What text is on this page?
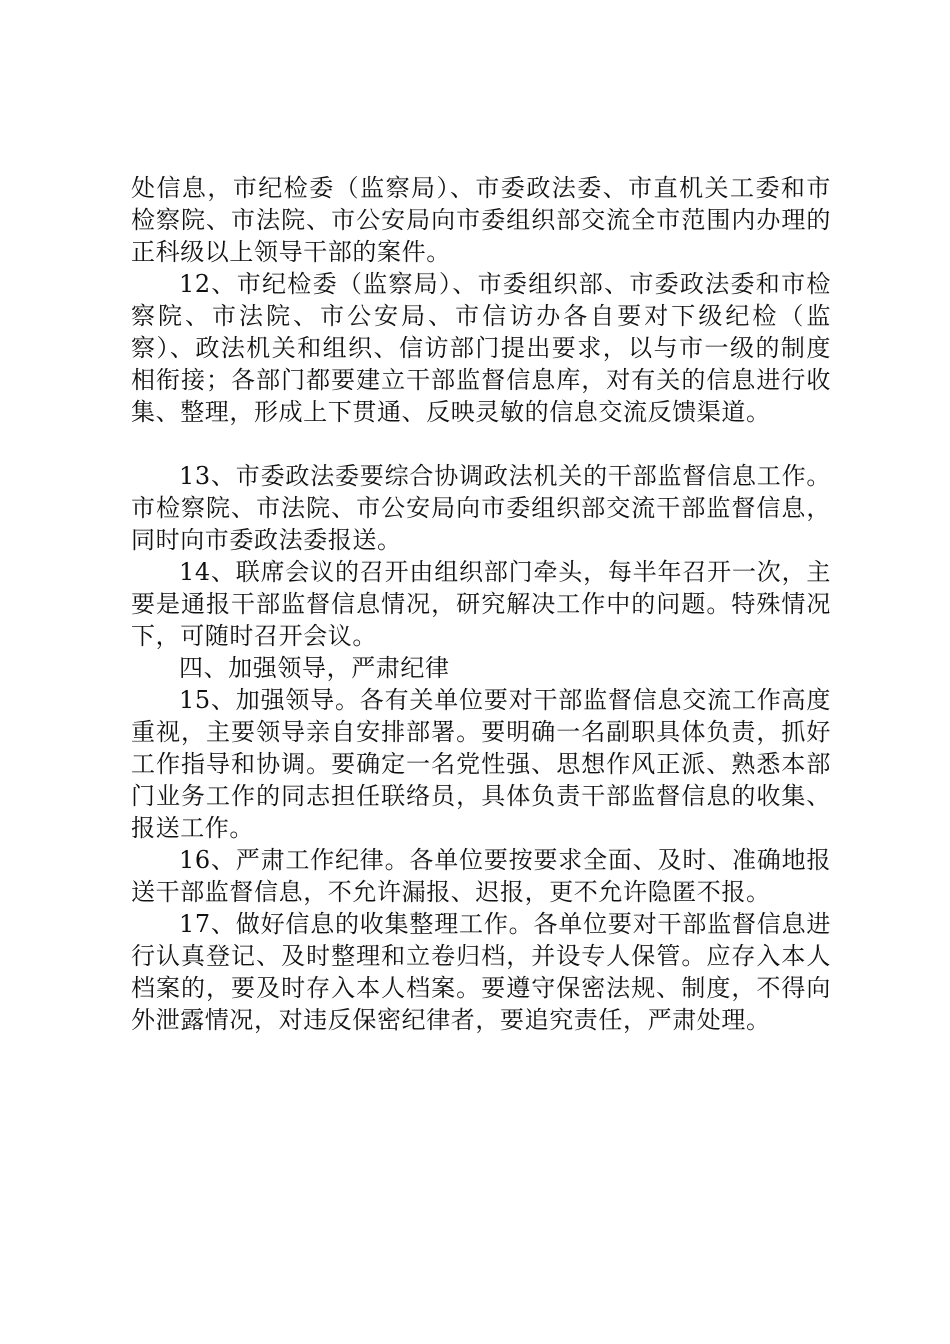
处信息，市纪检委（监察局）、市委政法委、市直机关工委和市检察院、市法院、市公安局向市委组织部交流全市范围内办理的正科级以上领导干部的案件。

12、市纪检委（监察局）、市委组织部、市委政法委和市检察院、市法院、市公安局、市信访办各自要对下级纪检（监察）、政法机关和组织、信访部门提出要求，以与市一级的制度相衔接；各部门都要建立干部监督信息库，对有关的信息进行收集、整理，形成上下贯通、反映灵敏的信息交流反馈渠道。

13、市委政法委要综合协调政法机关的干部监督信息工作。市检察院、市法院、市公安局向市委组织部交流干部监督信息，同时向市委政法委报送。

14、联席会议的召开由组织部门牵头，每半年召开一次，主要是通报干部监督信息情况，研究解决工作中的问题。特殊情况下，可随时召开会议。

四、加强领导，严肃纪律

15、加强领导。各有关单位要对干部监督信息交流工作高度重视，主要领导亲自安排部署。要明确一名副职具体负责，抓好工作指导和协调。要确定一名党性强、思想作风正派、熟悉本部门业务工作的同志担任联络员，具体负责干部监督信息的收集、报送工作。

16、严肃工作纪律。各单位要按要求全面、及时、准确地报送干部监督信息，不允许漏报、迟报，更不允许隐匿不报。

17、做好信息的收集整理工作。各单位要对干部监督信息进行认真登记、及时整理和立卷归档，并设专人保管。应存入本人档案的，要及时存入本人档案。要遵守保密法规、制度，不得向外泄露情况，对违反保密纪律者，要追究责任，严肃处理。
